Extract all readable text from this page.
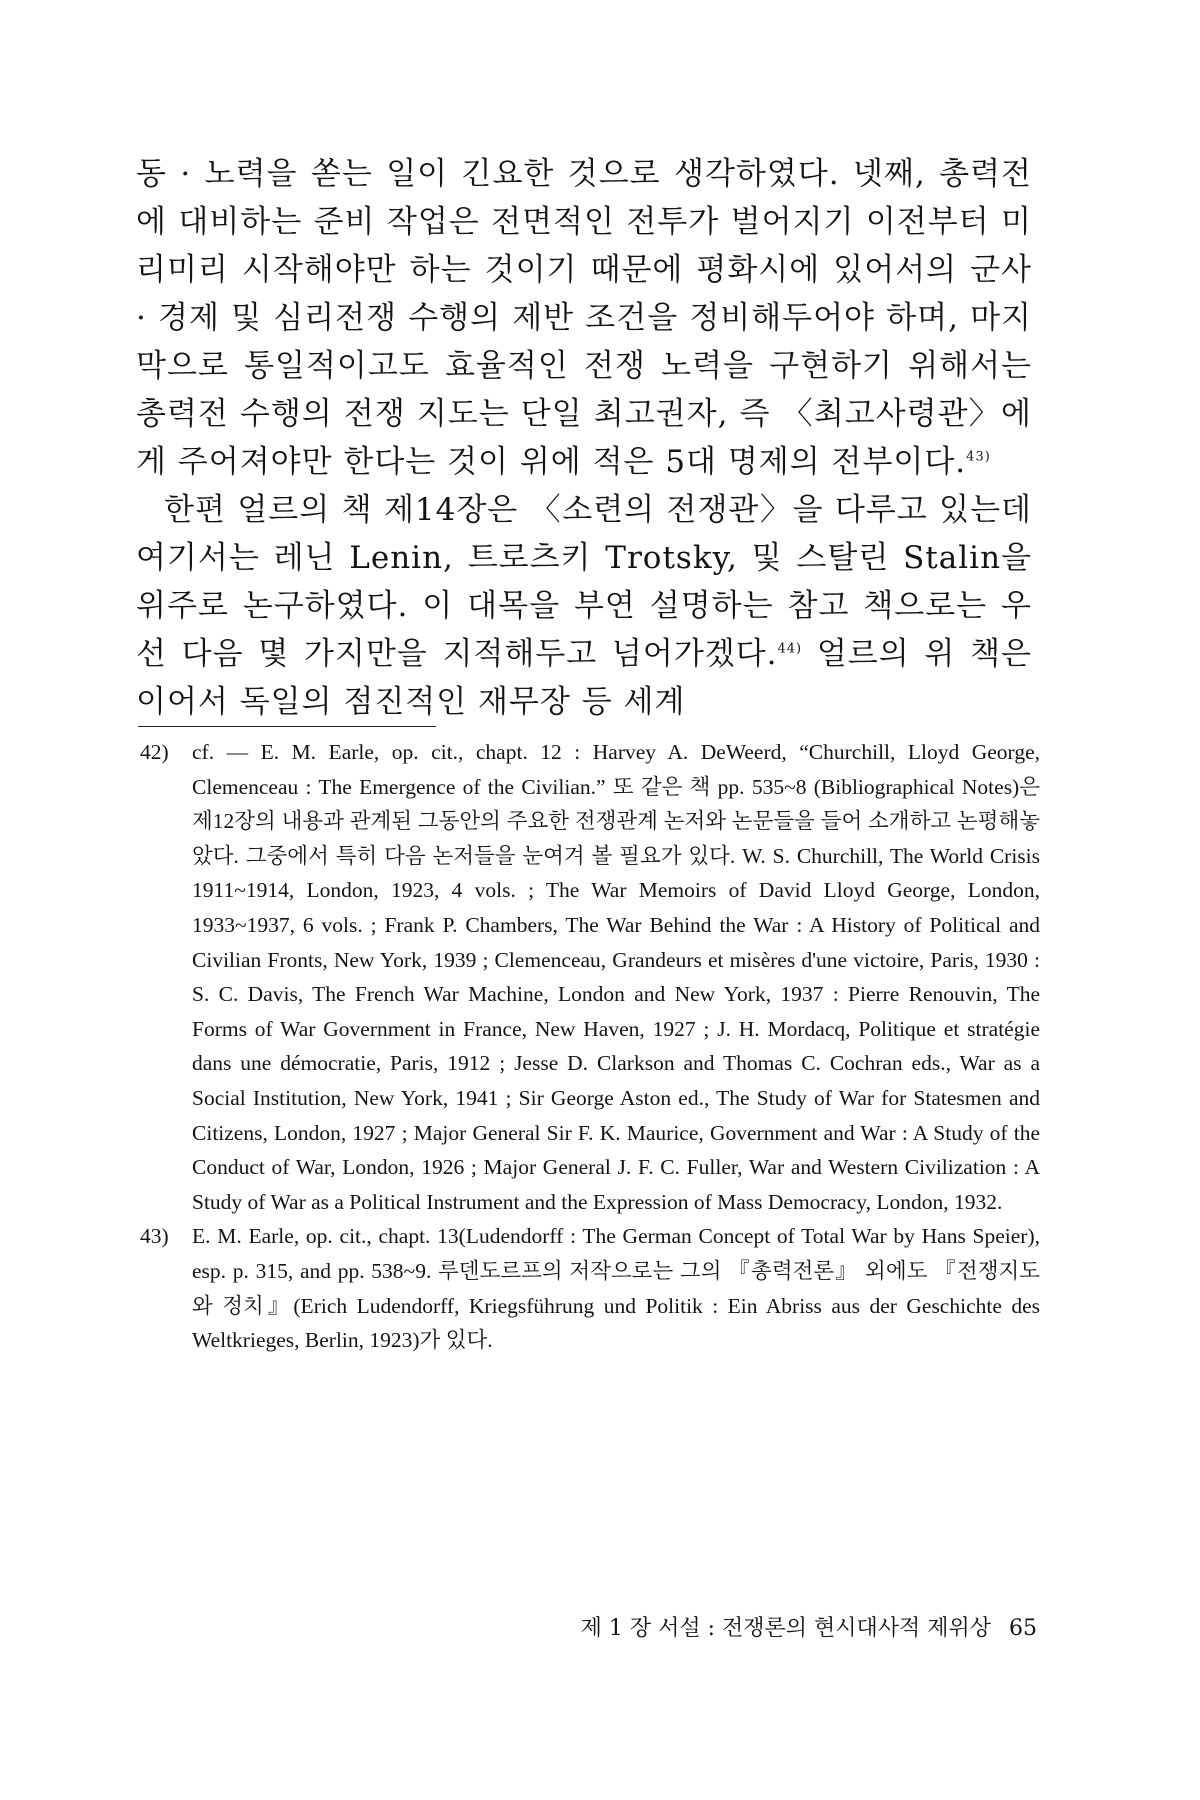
동 · 노력을 쏟는 일이 긴요한 것으로 생각하였다. 넷째, 총력전에 대비하는 준비 작업은 전면적인 전투가 벌어지기 이전부터 미리미리 시작해야만 하는 것이기 때문에 평화시에 있어서의 군사 · 경제 및 심리전쟁 수행의 제반 조건을 정비해두어야 하며, 마지막으로 통일적이고도 효율적인 전쟁 노력을 구현하기 위해서는 총력전 수행의 전쟁 지도는 단일 최고권자, 즉 〈최고사령관〉에게 주어져야만 한다는 것이 위에 적은 5대 명제의 전부이다.$^{43)}$

한편 얼르의 책 제14장은 〈소련의 전쟁관〉을 다루고 있는데 여기서는 레닌 Lenin, 트로츠키 Trotsky, 및 스탈린 Stalin을 위주로 논구하였다. 이 대목을 부연 설명하는 참고 책으로는 우선 다음 몇 가지만을 지적해두고 넘어가겠다.$^{44)}$ 얼르의 위 책은 이어서 독일의 점진적인 재무장 등 세계

42)	cf. — E. M. Earle, op. cit., chapt. 12 : Harvey A. DeWeerd, “Churchill, Lloyd George, Clemenceau : The Emergence of the Civilian.” 또 같은 책 pp. 535~8 (Bibliographical Notes)은 제12장의 내용과 관계된 그동안의 주요한 전쟁관계 논저와 논문들을 들어 소개하고 논평해놓았다. 그중에서 특히 다음 논저들을 눈여겨 볼 필요가 있다. W. S. Churchill, The World Crisis 1911~1914, London, 1923, 4 vols. ; The War Memoirs of David Lloyd George, London, 1933~1937, 6 vols. ; Frank P. Chambers, The War Behind the War : A History of Political and Civilian Fronts, New York, 1939 ; Clemenceau, Grandeurs et misères d'une victoire, Paris, 1930 : S. C. Davis, The French War Machine, London and New York, 1937 : Pierre Renouvin, The Forms of War Government in France, New Haven, 1927 ; J. H. Mordacq, Politique et stratégie dans une démocratie, Paris, 1912 ; Jesse D. Clarkson and Thomas C. Cochran eds., War as a Social Institution, New York, 1941 ; Sir George Aston ed., The Study of War for Statesmen and Citizens, London, 1927 ; Major General Sir F. K. Maurice, Government and War : A Study of the Conduct of War, London, 1926 ; Major General J. F. C. Fuller, War and Western Civilization : A Study of War as a Political Instrument and the Expression of Mass Democracy, London, 1932.
43)	E. M. Earle, op. cit., chapt. 13(Ludendorff : The German Concept of Total War by Hans Speier), esp. p. 315, and pp. 538~9. 루덴도르프의 저작으로는 그의 『총력전론』 외에도 『전쟁지도와 정치』(Erich Ludendorff, Kriegsführung und Politik : Ein Abriss aus der Geschichte des Weltkrieges, Berlin, 1923)가 있다.
제 1 장 서설 : 전쟁론의 현시대사적 제위상 65
